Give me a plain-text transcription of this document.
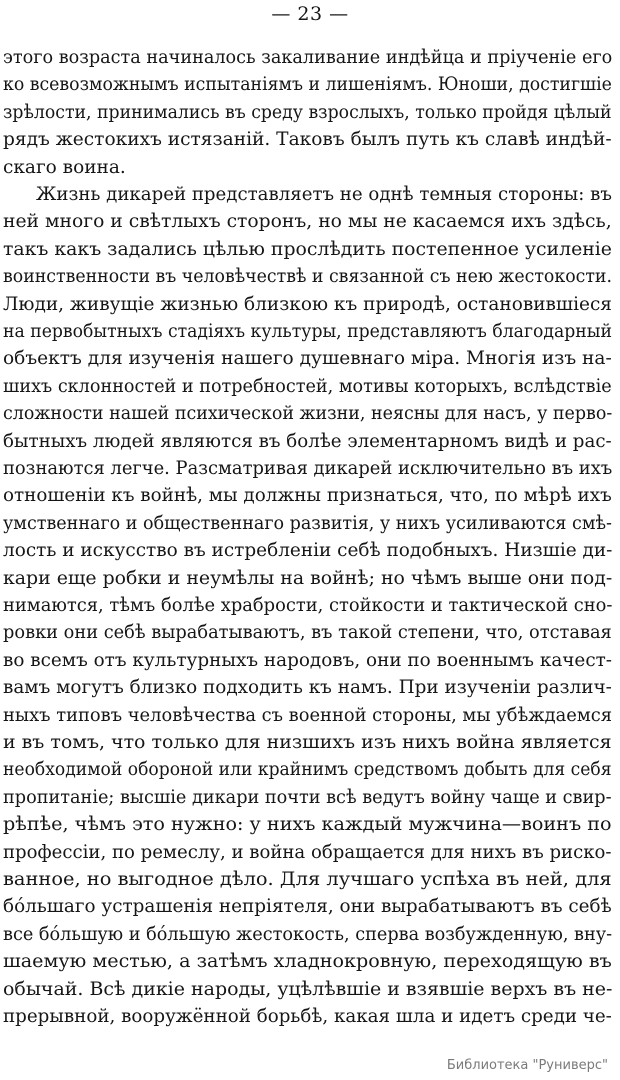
— 23 —
этого возраста начиналось закаливание индѣйца и пріученіе его
ко всевозможнымъ испытаніямъ и лишеніямъ. Юноши, достигшіе
зрѣлости, принимались въ среду взрослыхъ, только пройдя цѣлый
рядъ жестокихъ истязаній. Таковъ былъ путь къ славѣ индѣй-
скаго воина.
Жизнь дикарей представляетъ не однѣ темныя стороны: въ
ней много и свѣтлыхъ сторонъ, но мы не касаемся ихъ здѣсь,
такъ какъ задались цѣлью прослѣдить постепенное усиленіе
воинственности въ человѣчествѣ и связанной съ нею жестокости.
Люди, живущіе жизнью близкою къ природѣ, остановившіеся
на первобытныхъ стадіяхъ культуры, представляютъ благодарный
объектъ для изученія нашего душевнаго міра. Многія изъ на-
шихъ склонностей и потребностей, мотивы которыхъ, вслѣдствіе
сложности нашей психической жизни, неясны для насъ, у перво-
бытныхъ людей являются въ болѣе элементарномъ видѣ и рас-
познаются легче. Разсматривая дикарей исключительно въ ихъ
отношеніи къ войнѣ, мы должны признаться, что, по мѣрѣ ихъ
умственнаго и общественнаго развитія, у нихъ усиливаются смѣ-
лость и искусство въ истребленіи себѣ подобныхъ. Низшіе ди-
кари еще робки и неумѣлы на войнѣ; но чѣмъ выше они под-
нимаются, тѣмъ болѣе храбрости, стойкости и тактической сно-
ровки они себѣ вырабатываютъ, въ такой степени, что, отставая
во всемъ отъ культурныхъ народовъ, они по военнымъ качест-
вамъ могутъ близко подходить къ намъ. При изученіи различ-
ныхъ типовъ человѣчества съ военной стороны, мы убѣждаемся
и въ томъ, что только для низшихъ изъ нихъ война является
необходимой обороной или крайнимъ средствомъ добыть для себя
пропитаніе; высшіе дикари почти всѣ ведутъ войну чаще и свир-
рѣпѣе, чѣмъ это нужно: у нихъ каждый мужчина—воинъ по
профессіи, по ремеслу, и война обращается для нихъ въ риско-
ванное, но выгодное дѣло. Для лучшаго успѣха въ ней, для
бóльшаго устрашенія непріятеля, они вырабатываютъ въ себѣ
все бóльшую и бóльшую жестокость, сперва возбужденную, вну-
шаемую местью, а затѣмъ хладнокровную, переходящую въ
обычай. Всѣ дикіе народы, уцѣлѣвшіе и взявшіе верхъ въ не-
прерывной, вооружённой борьбѣ, какая шла и идетъ среди че-
Библиотека "Руниверс"
